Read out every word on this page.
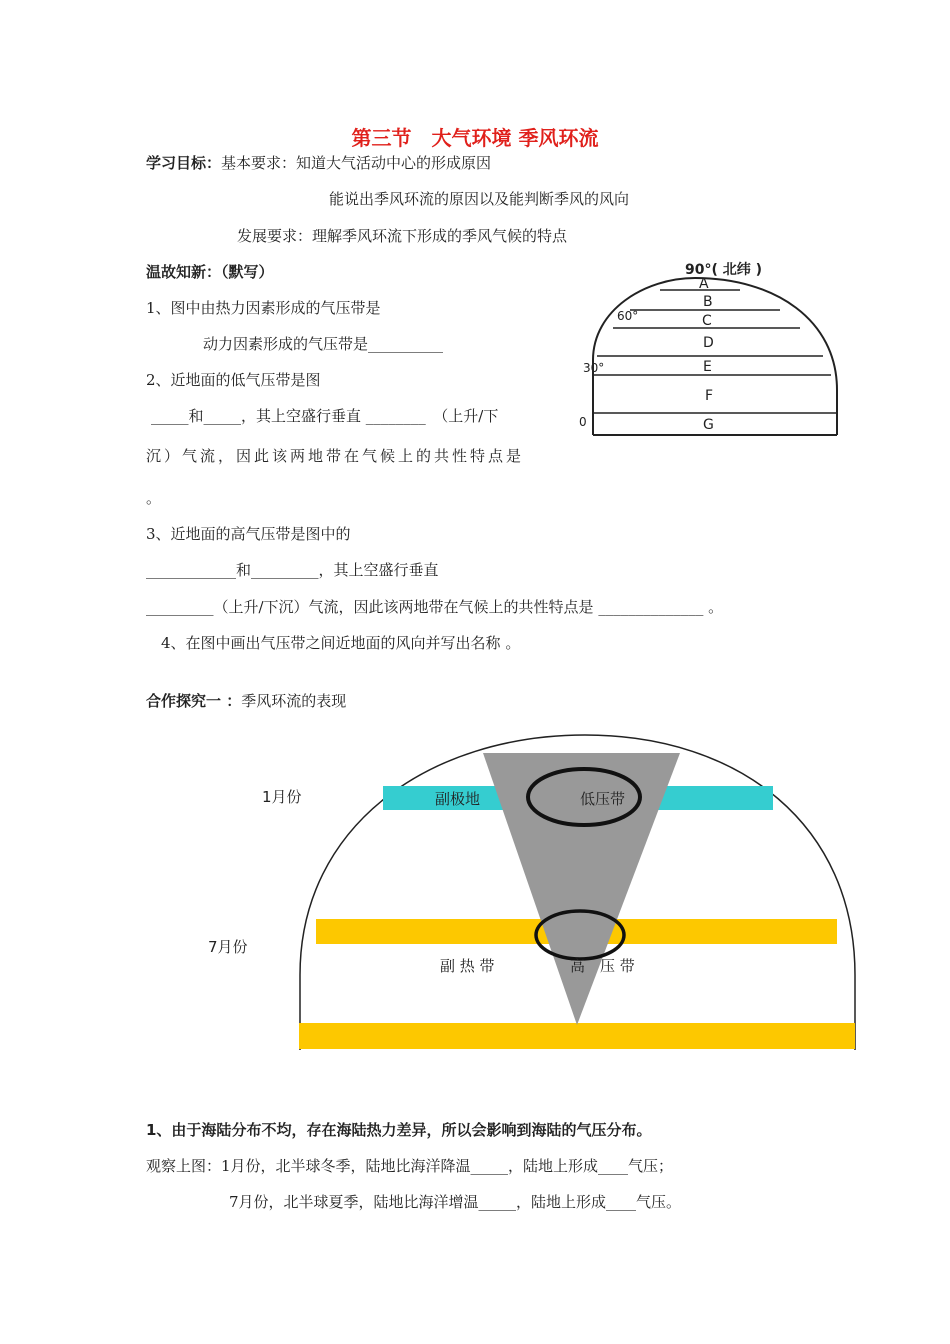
第三节　大气环境 季风环流
学习目标：基本要求：知道大气活动中心的形成原因
能说出季风环流的原因以及能判断季风的风向
发展要求：理解季风环流下形成的季风气候的特点
温故知新：（默写）
1、图中由热力因素形成的气压带是
动力因素形成的气压带是__________
2、近地面的低气压带是图
_____和_____，其上空盛行垂直 ________　（上升/下
沉）气流，因此该两地带在气候上的共性特点是
。
3、近地面的高气压带是图中的
____________和_________，其上空盛行垂直
_________（上升/下沉）气流，因此该两地带在气候上的共性特点是 ______________ 。
4、在图中画出气压带之间近地面的风向并写出名称 。
90°( 北纬 )
60°
30°
0
A
B
C
D
E
F
G
合作探究一 ：季风环流的表现
副极地	低压带
副 热 带	高　压 带
1月份
7月份
1、由于海陆分布不均，存在海陆热力差异，所以会影响到海陆的气压分布。
观察上图：1月份，北半球冬季，陆地比海洋降温_____，陆地上形成____气压；
7月份，北半球夏季，陆地比海洋增温_____，陆地上形成____气压。
